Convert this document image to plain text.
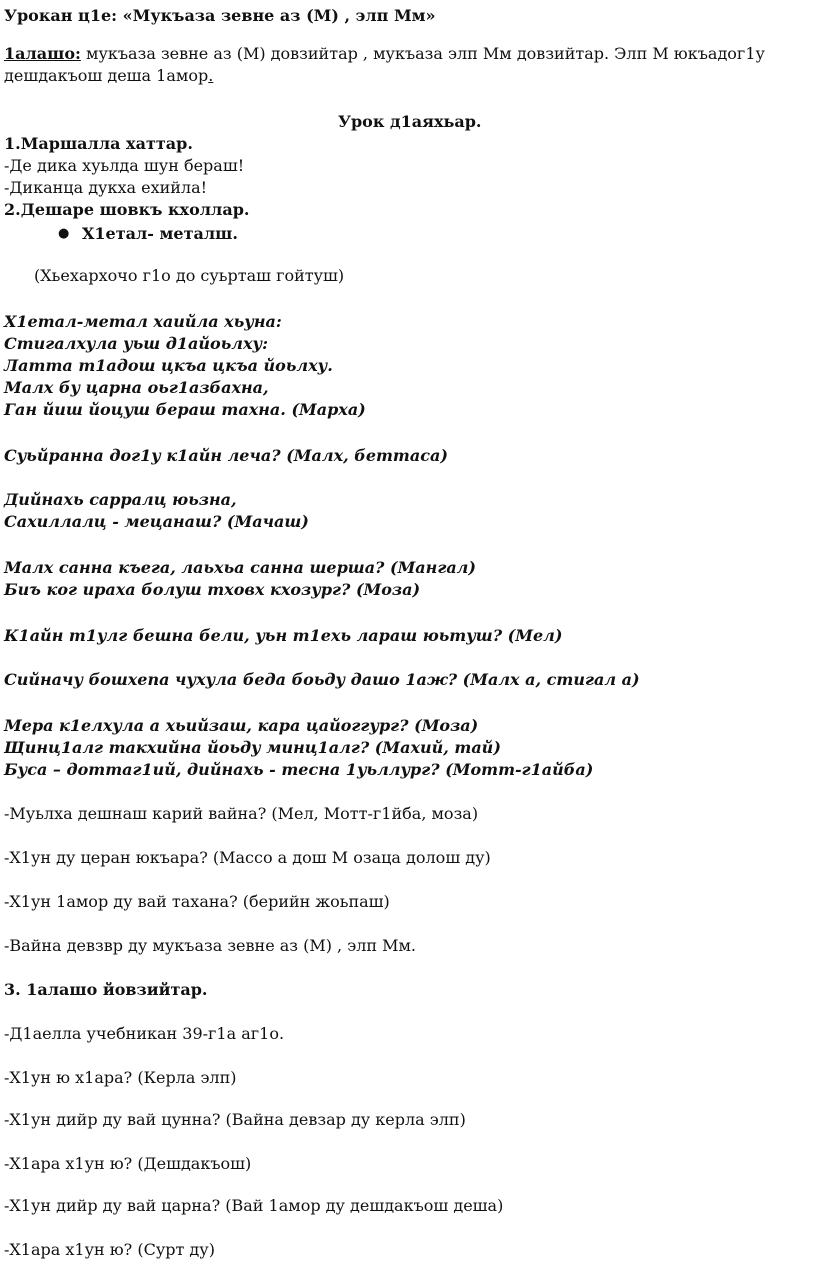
Урокан ц1е: «Мукъаза зевне аз (М) , элп Мм»
1алашо: мукъаза зевне аз (М) довзийтар , мукъаза элп Мм довзийтар. Элп М юкъадог1у
дешдакъош деша 1амор.
Урок д1аяхьар.
1.Маршалла хаттар.
-Де дика хуьлда шун бераш!
-Диканца дукха ехийла!
2.Дешаре шовкъ кхоллар.
● Х1етал- металш.
(Хьехархочо г1о до суьрташ гойтуш)
Х1етал-метал хаийла хьуна:
Стигалхула уьш д1айоьлху:
Латта т1адош цкъа цкъа йоьлху.
Малх бу царна оьг1азбахна,
Ган йиш йоцуш бераш тахна. (Марха)
Суьйранна дог1у к1айн леча? (Малх, беттаса)
Дийнахь сарралц юьзна,
Сахиллалц - мецанаш? (Мачаш)
Малх санна къега, лаьхьа санна шерша? (Мангал)
Биъ ког ираха болуш тховх кхозург? (Моза)
К1айн т1улг бешна бели, уьн т1ехь лараш юьтуш? (Мел)
Сийначу бошхепа чухула беда боьду дашо 1аж? (Малх а, стигал а)
Мера к1елхула а хьийзаш, кара цайоггург? (Моза)
Щинц1алг такхийна йоьду минц1алг? (Махий, тай)
Буса – доттаг1ий, дийнахь - тесна 1уьллург? (Мотт-г1айба)
-Муьлха дешнаш карий вайна? (Мел, Мотт-г1йба, моза)
-Х1ун ду церан юкъара? (Массо а дош М озаца долош ду)
-Х1ун 1амор ду вай тахана? (берийн жоьпаш)
-Вайна девзвр ду мукъаза зевне аз (М) , элп Мм.
3. 1алашо йовзийтар.
-Д1аелла учебникан 39-г1а аг1о.
-Х1ун ю х1ара? (Керла элп)
-Х1ун дийр ду вай цунна? (Вайна девзар ду керла элп)
-Х1ара х1ун ю? (Дешдакъош)
-Х1ун дийр ду вай царна? (Вай 1амор ду дешдакъош деша)
-Х1ара х1ун ю? (Сурт ду)
